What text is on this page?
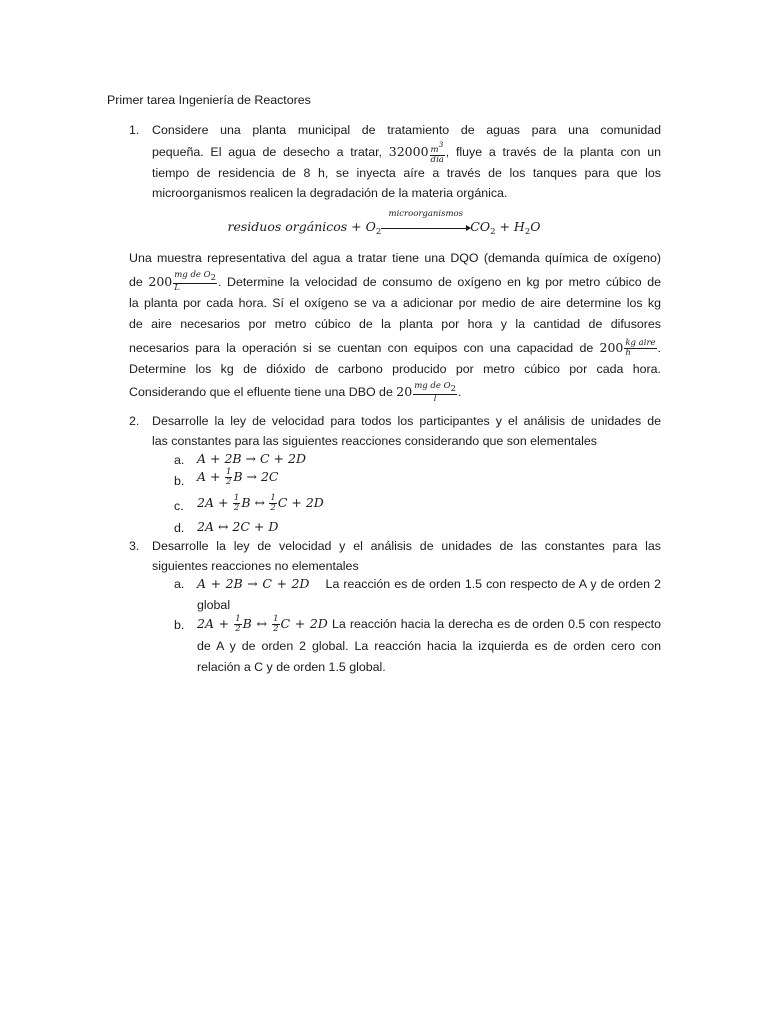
Primer tarea Ingeniería de Reactores
1. Considere una planta municipal de tratamiento de aguas para una comunidad
pequeña. El agua de desecho a tratar, $32000 \frac{m3}{\text{día}}$ , fluye a través de la planta con un
tiempo de residencia de 8 h, se inyecta aíre a través de los tanques para que los
microorganismos realicen la degradación de la materia orgánica.
residuos orgánicos + $O_2$
microorganismos
$CO_2 + H_2O$
Una muestra representativa del agua a tratar tiene una DQO (demanda química de oxígeno)
de $200 \frac{\text{mg de O2}}{L}$ . Determine la velocidad de consumo de oxígeno en kg por metro cúbico de
la planta por cada hora. Sí el oxígeno se va a adicionar por medio de aire determine los kg
de aire necesarios por metro cúbico de la planta por hora y la cantidad de difusores
necesarios para la operación si se cuentan con equipos con una capacidad de $200 \frac{\text{kg aire}}{h}$ .
Determine los kg de dióxido de carbono producido por metro cúbico por cada hora.
Considerando que el efluente tiene una DBO de $20 \frac{\text{mg de O2}}{l}$ .
2. Desarrolle la ley de velocidad para todos los participantes y el análisis de unidades de
las constantes para las siguientes reacciones considerando que son elementales
a. A + 2B → C + 2D
b. $A + \frac{1}{2}$ B → 2C
c. $2A + \frac{1}{2}$ B ↔ $\frac{1}{2}$ C + 2D
d. 2A ↔ 2C + D
3. Desarrolle la ley de velocidad y el análisis de unidades de las constantes para las
siguientes reacciones no elementales
a. A + 2B → C + 2D La reacción es de orden 1.5 con respecto de A y de orden 2
global
b. $2A + \frac{1}{2}$ B ↔ $\frac{1}{2}$ C + 2D La reacción hacia la derecha es de orden 0.5 con respecto
de A y de orden 2 global. La reacción hacia la izquierda es de orden cero con
relación a C y de orden 1.5 global.
